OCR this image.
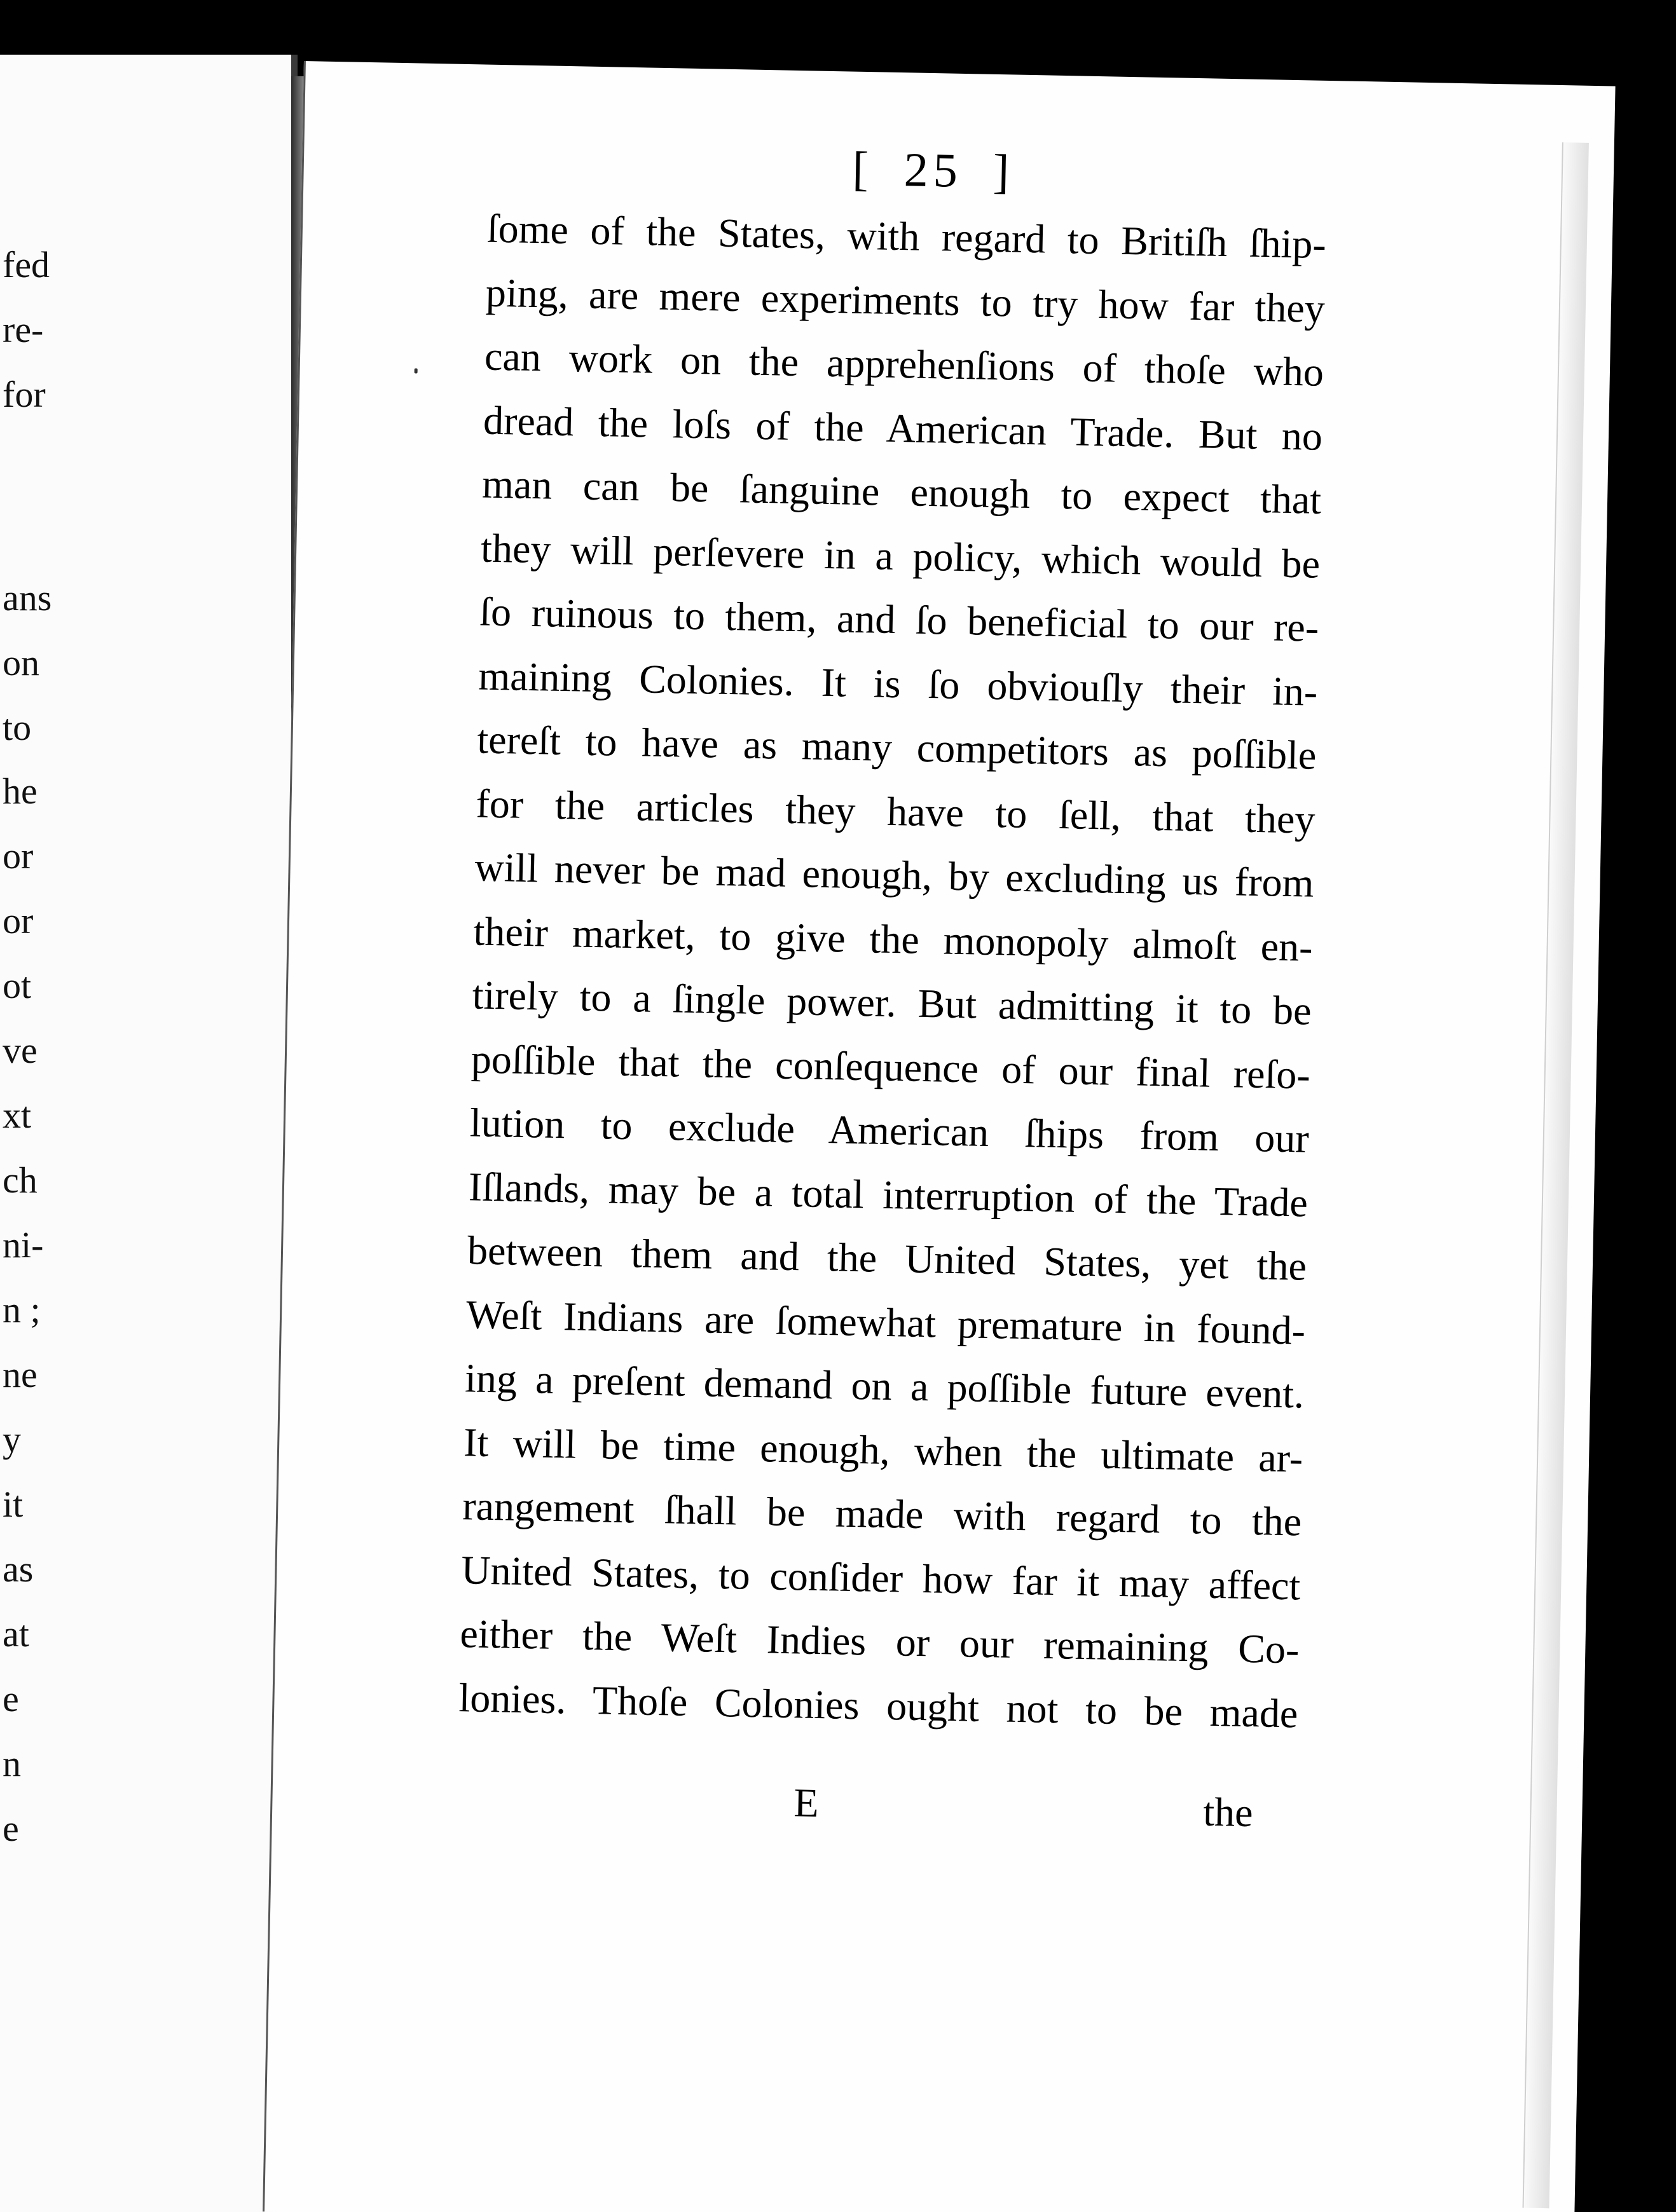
fed
re-
for
ans
on
to
he
or
or
ot
ve
xt
ch
ni-
n ;
ne
y
it
as
at
e
n
e
[ 25 ]
ſome of the States, with regard to Britiſh ſhip-
ping, are mere experiments to try how far they
can work on the apprehenſions of thoſe who
dread the loſs of the American Trade. But no
man can be ſanguine enough to expect that
they will perſevere in a policy, which would be
ſo ruinous to them, and ſo beneficial to our re-
maining Colonies. It is ſo obviouſly their in-
tereſt to have as many competitors as poſſible
for the articles they have to ſell, that they
will never be mad enough, by excluding us from
their market, to give the monopoly almoſt en-
tirely to a ſingle power. But admitting it to be
poſſible that the conſequence of our final reſo-
lution to exclude American ſhips from our
Iſlands, may be a total interruption of the Trade
between them and the United States, yet the
Weſt Indians are ſomewhat premature in found-
ing a preſent demand on a poſſible future event.
It will be time enough, when the ultimate ar-
rangement ſhall be made with regard to the
United States, to conſider how far it may affect
either the Weſt Indies or our remaining Co-
lonies. Thoſe Colonies ought not to be made
E	the
